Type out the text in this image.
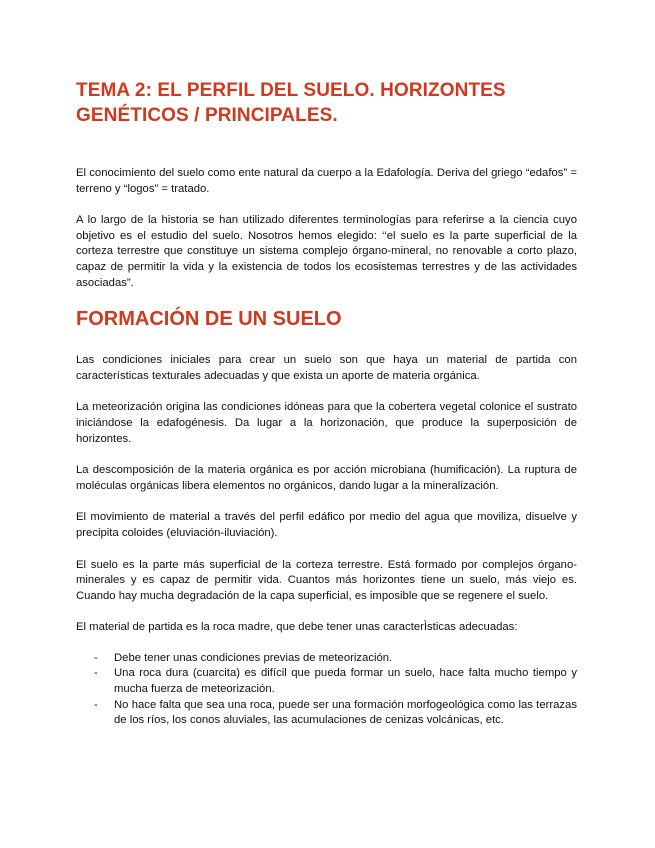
TEMA 2: EL PERFIL DEL SUELO. HORIZONTES GENÉTICOS / PRINCIPALES.

El conocimiento del suelo como ente natural da cuerpo a la Edafología. Deriva del griego “edafos” = terreno y “logos” = tratado.

A lo largo de la historia se han utilizado diferentes terminologías para referirse a la ciencia cuyo objetivo es el estudio del suelo. Nosotros hemos elegido: ‘‘el suelo es la parte superficial de la corteza terrestre que constituye un sistema complejo órgano-mineral, no renovable a corto plazo, capaz de permitir la vida y la existencia de todos los ecosistemas terrestres y de las actividades asociadas”.

FORMACIÓN DE UN SUELO

Las condiciones iniciales para crear un suelo son que haya un material de partida con características texturales adecuadas y que exista un aporte de materia orgánica.

La meteorización origina las condiciones idóneas para que la cobertera vegetal colonice el sustrato iniciándose la edafogénesis. Da lugar a la horizonación, que produce la superposición de horizontes.

La descomposición de la materia orgánica es por acción microbiana (humificación). La ruptura de moléculas orgánicas libera elementos no orgánicos, dando lugar a la mineralización.

El movimiento de material a través del perfil edáfico por medio del agua que moviliza, disuelve y precipita coloides (eluviación-iluviación).

El suelo es la parte más superficial de la corteza terrestre. Está formado por complejos órgano-minerales y es capaz de permitir vida. Cuantos más horizontes tiene un suelo, más viejo es. Cuando hay mucha degradación de la capa superficial, es imposible que se regenere el suelo.

El material de partida es la roca madre, que debe tener unas caracterÌsticas adecuadas:

- Debe tener unas condiciones previas de meteorización.
- Una roca dura (cuarcita) es difícil que pueda formar un suelo, hace falta mucho tiempo y mucha fuerza de meteorización.
- No hace falta que sea una roca, puede ser una formación morfogeológica como las terrazas de los ríos, los conos aluviales, las acumulaciones de cenizas volcánicas, etc.
